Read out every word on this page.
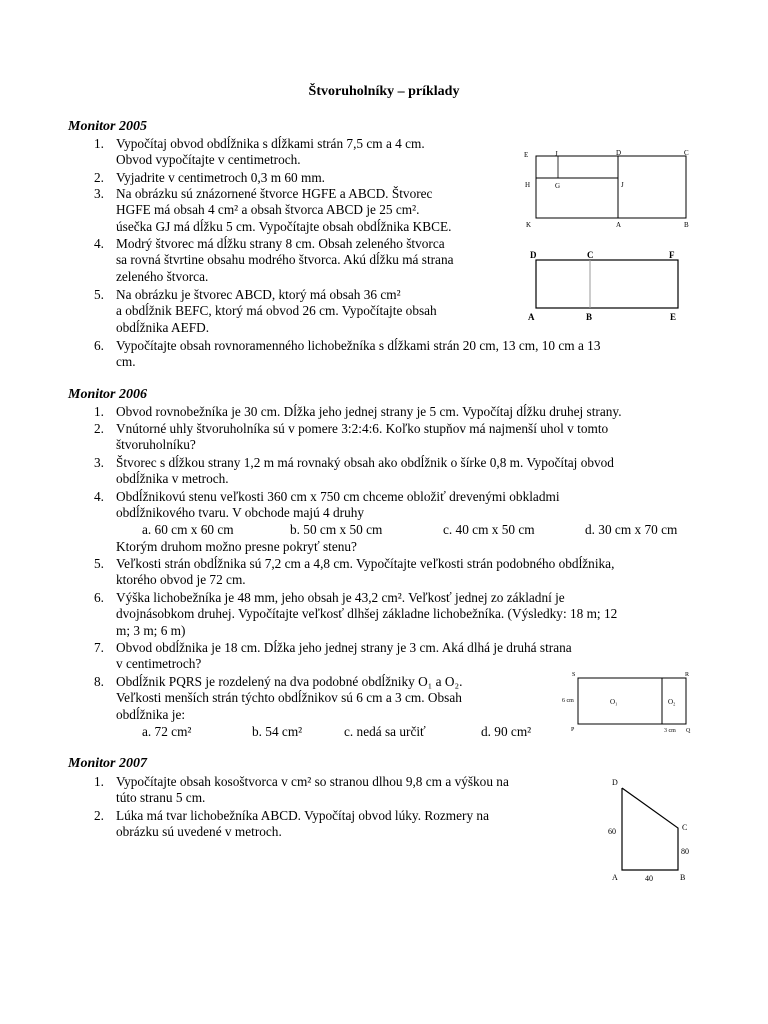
Štvoruholníky – príklady
Monitor 2005
1. Vypočítaj obvod obdĺžnika s dĺžkami strán 7,5 cm a 4 cm.
Obvod vypočítajte v centimetroch.
2. Vyjadrite v centimetroch 0,3 m 60 mm.
3. Na obrázku sú znázornené štvorce HGFE a ABCD. Štvorec
HGFE má obsah 4 cm² a obsah štvorca ABCD je 25 cm².
úsečka GJ má dĺžku 5 cm. Vypočítajte obsah obdĺžnika KBCE.
4. Modrý štvorec má dĺžku strany 8 cm. Obsah zeleného štvorca
sa rovná štvrtine obsahu modrého štvorca. Akú dĺžku má strana
zeleného štvorca.
5. Na obrázku je štvorec ABCD, ktorý má obsah 36 cm²
a obdĺžnik BEFC, ktorý má obvod 26 cm. Vypočítajte obsah
obdĺžnika AEFD.
6. Vypočítajte obsah rovnoramenného lichobežníka s dĺžkami strán 20 cm, 13 cm, 10 cm a 13
cm.
E	J	D	C
H	G	J
K	A	B
D	C	F
A	B	E
Monitor 2006
1. Obvod rovnobežníka je 30 cm. Dĺžka jeho jednej strany je 5 cm. Vypočítaj dĺžku druhej strany.
2. Vnútorné uhly štvoruholníka sú v pomere 3:2:4:6. Koľko stupňov má najmenší uhol v tomto
štvoruholníku?
3. Štvorec s dĺžkou strany 1,2 m má rovnaký obsah ako obdĺžnik o šírke 0,8 m. Vypočítaj obvod
obdĺžnika v metroch.
4. Obdĺžnikovú stenu veľkosti 360 cm x 750 cm chceme obložiť drevenými obkladmi
obdĺžnikového tvaru. V obchode majú 4 druhy
a. 60 cm x 60 cm	b. 50 cm x 50 cm	c. 40 cm x 50 cm	d. 30 cm x 70 cm
Ktorým druhom možno presne pokryť stenu?
5. Veľkosti strán obdĺžnika sú 7,2 cm a 4,8 cm. Vypočítajte veľkosti strán podobného obdĺžnika,
ktorého obvod je 72 cm.
6. Výška lichobežníka je 48 mm, jeho obsah je 43,2 cm². Veľkosť jednej zo základní je
dvojnásobkom druhej. Vypočítajte veľkosť dlhšej základne lichobežníka. (Výsledky: 18 m; 12
m; 3 m; 6 m)
7. Obvod obdĺžnika je 18 cm. Dĺžka jeho jednej strany je 3 cm. Aká dlhá je druhá strana
v centimetroch?
8. Obdĺžnik PQRS je rozdelený na dva podobné obdĺžniky O₁ a O₂.
Veľkosti menších strán týchto obdĺžnikov sú 6 cm a 3 cm. Obsah
obdĺžnika je:
a. 72 cm²	b. 54 cm²	c. nedá sa určiť	d. 90 cm²
S	R
6 cm	O₁	O₂
P	3 cm Q
Monitor 2007
1. Vypočítajte obsah kosoštvorca v cm² so stranou dlhou 9,8 cm a výškou na
túto stranu 5 cm.
2. Lúka má tvar lichobežníka ABCD. Vypočítaj obvod lúky. Rozmery na
obrázku sú uvedené v metroch.
D
C
60
80
A	40	B
